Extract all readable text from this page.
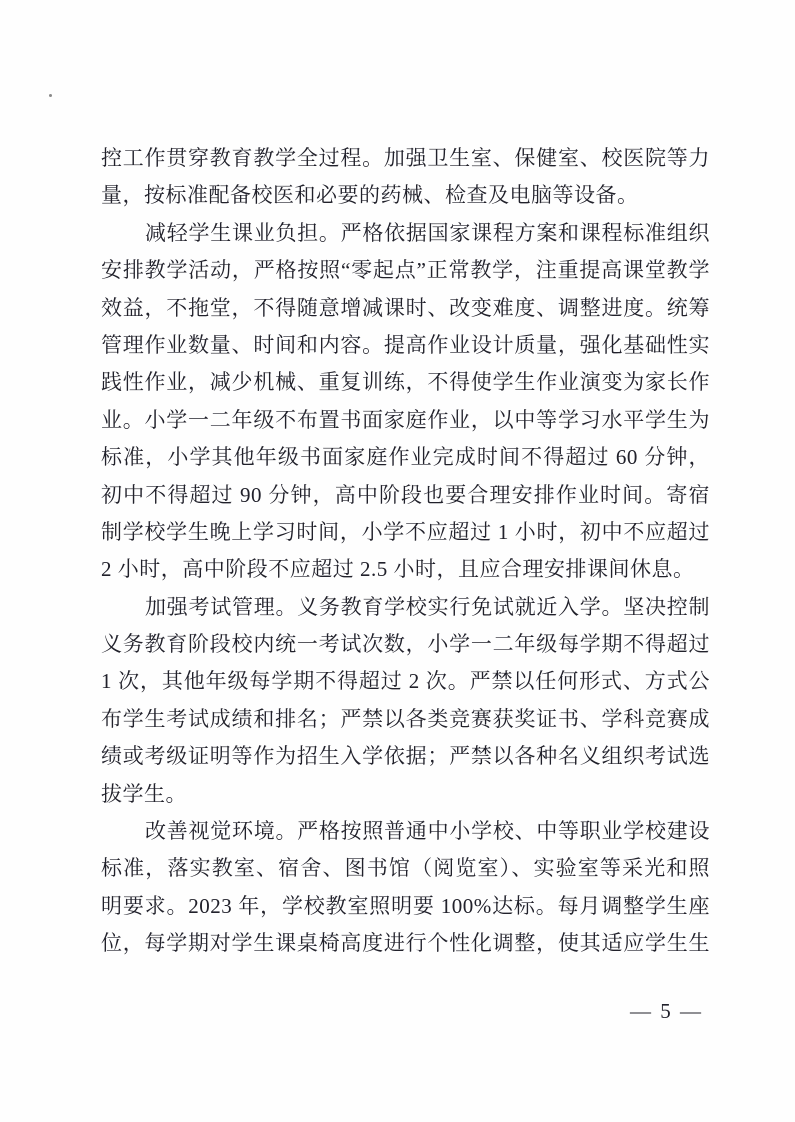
控工作贯穿教育教学全过程。加强卫生室、保健室、校医院等力
量，按标准配备校医和必要的药械、检查及电脑等设备。
减轻学生课业负担。严格依据国家课程方案和课程标准组织
安排教学活动，严格按照“零起点”正常教学，注重提高课堂教学
效益，不拖堂，不得随意增减课时、改变难度、调整进度。统筹
管理作业数量、时间和内容。提高作业设计质量，强化基础性实
践性作业，减少机械、重复训练，不得使学生作业演变为家长作
业。小学一二年级不布置书面家庭作业，以中等学习水平学生为
标准，小学其他年级书面家庭作业完成时间不得超过 60 分钟，
初中不得超过 90 分钟，高中阶段也要合理安排作业时间。寄宿
制学校学生晚上学习时间，小学不应超过 1 小时，初中不应超过
2 小时，高中阶段不应超过 2.5 小时，且应合理安排课间休息。
加强考试管理。义务教育学校实行免试就近入学。坚决控制
义务教育阶段校内统一考试次数，小学一二年级每学期不得超过
1 次，其他年级每学期不得超过 2 次。严禁以任何形式、方式公
布学生考试成绩和排名；严禁以各类竞赛获奖证书、学科竞赛成
绩或考级证明等作为招生入学依据；严禁以各种名义组织考试选
拔学生。
改善视觉环境。严格按照普通中小学校、中等职业学校建设
标准，落实教室、宿舍、图书馆（阅览室）、实验室等采光和照
明要求。2023 年，学校教室照明要 100%达标。每月调整学生座
位，每学期对学生课桌椅高度进行个性化调整，使其适应学生生
— 5 —
